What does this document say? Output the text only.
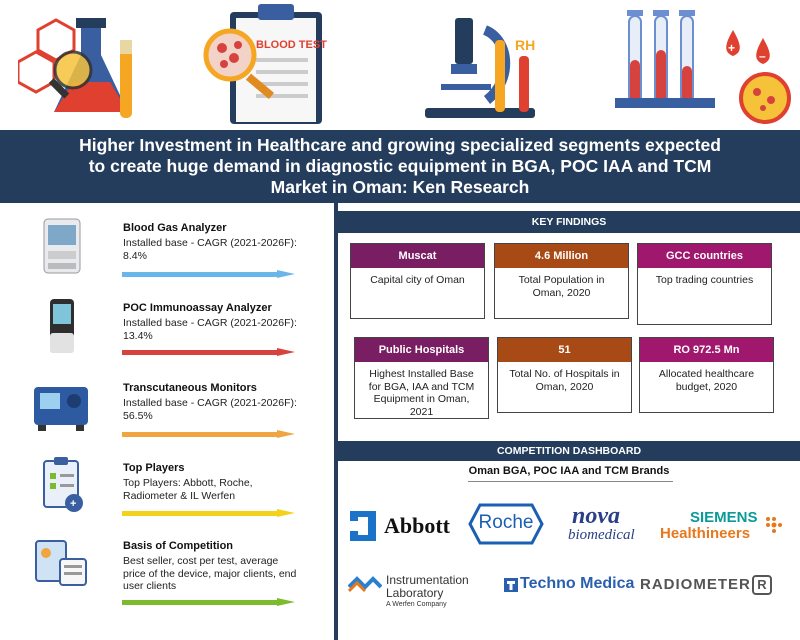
BLOOD TEST	RH	+
–
Higher Investment in Healthcare and growing specialized segments expected
to create huge demand in diagnostic equipment in BGA, POC IAA and TCM
Market in Oman: Ken Research
Blood Gas Analyzer
Installed base - CAGR (2021-2026F): 8.4%
POC Immunoassay Analyzer
Installed base - CAGR (2021-2026F): 13.4%
Transcutaneous Monitors
Installed base - CAGR (2021-2026F): 56.5%
+
Top Players
Top Players: Abbott, Roche, Radiometer & IL Werfen
Basis of Competition
Best seller, cost per test, average price of the device, major clients, end user clients
KEY FINDINGS
Muscat
Capital city of Oman
4.6 Million
Total Population in Oman, 2020
GCC countries
Top trading countries
Public Hospitals
Highest Installed Base for BGA, IAA and TCM Equipment in Oman, 2021
51
Total No. of Hospitals in Oman, 2020
RO 972.5 Mn
Allocated healthcare budget, 2020
COMPETITION DASHBOARD
Oman BGA, POC IAA and TCM Brands
Abbott Roche nova
biomedical
SIEMENS
Healthineers
Instrumentation
Laboratory
A Werfen Company
Techno Medica RADIOMETER R
